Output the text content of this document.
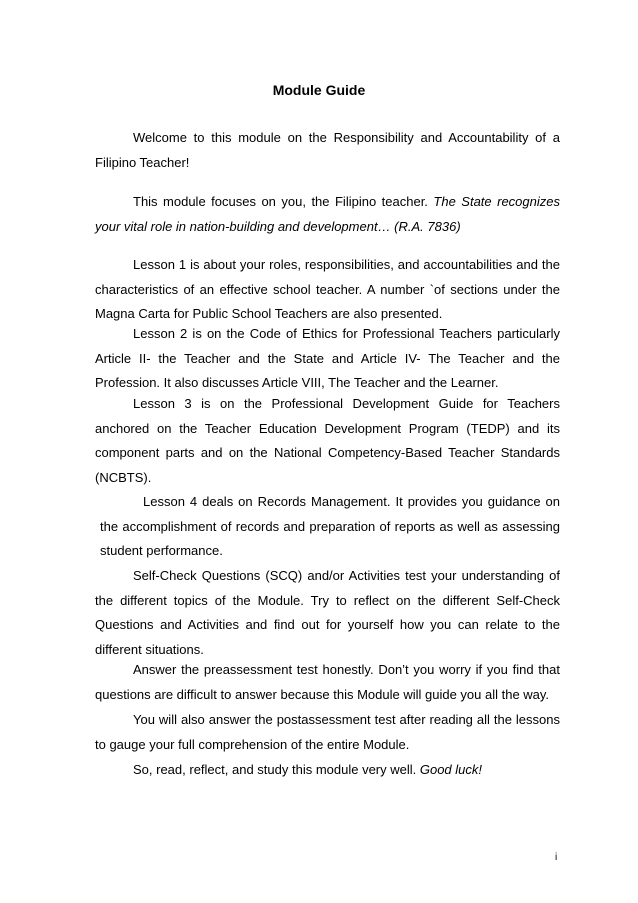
Module Guide

Welcome to this module on the Responsibility and Accountability of a Filipino Teacher!

This module focuses on you, the Filipino teacher. The State recognizes your vital role in nation-building and development… (R.A. 7836)

Lesson 1 is about your roles, responsibilities, and accountabilities and the characteristics of an effective school teacher. A number `of sections under the Magna Carta for Public School Teachers are also presented.

Lesson 2 is on the Code of Ethics for Professional Teachers particularly Article II- the Teacher and the State and Article IV- The Teacher and the Profession. It also discusses Article VIII, The Teacher and the Learner.

Lesson 3 is on the Professional Development Guide for Teachers anchored on the Teacher Education Development Program (TEDP) and its component parts and on the National Competency-Based Teacher Standards (NCBTS).

Lesson 4 deals on Records Management. It provides you guidance on the accomplishment of records and preparation of reports as well as assessing student performance.

Self-Check Questions (SCQ) and/or Activities test your understanding of the different topics of the Module. Try to reflect on the different Self-Check Questions and Activities and find out for yourself how you can relate to the different situations.

Answer the preassessment test honestly. Don’t you worry if you find that questions are difficult to answer because this Module will guide you all the way.

You will also answer the postassessment test after reading all the lessons to gauge your full comprehension of the entire Module.

So, read, reflect, and study this module very well. Good luck!

i
